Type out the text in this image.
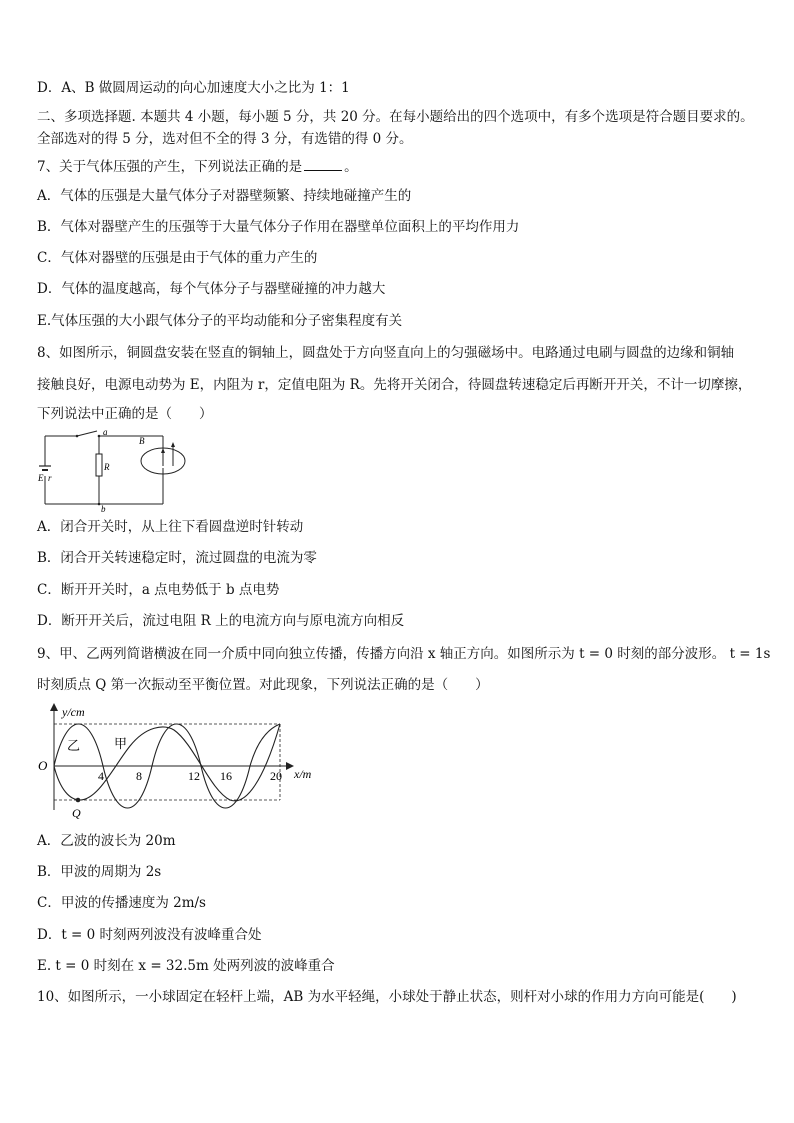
D．A、B 做圆周运动的向心加速度大小之比为 1：1
二、多项选择题. 本题共 4 小题，每小题 5 分，共 20 分。在每小题给出的四个选项中，有多个选项是符合题目要求的。
全部选对的得 5 分，选对但不全的得 3 分，有选错的得 0 分。
7、关于气体压强的产生，下列说法正确的是	。
A．气体的压强是大量气体分子对器壁频繁、持续地碰撞产生的
B．气体对器壁产生的压强等于大量气体分子作用在器壁单位面积上的平均作用力
C．气体对器壁的压强是由于气体的重力产生的
D．气体的温度越高，每个气体分子与器壁碰撞的冲力越大
E.气体压强的大小跟气体分子的平均动能和分子密集程度有关
8、如图所示，铜圆盘安装在竖直的铜轴上，圆盘处于方向竖直向上的匀强磁场中。电路通过电刷与圆盘的边缘和铜轴
接触良好，电源电动势为 E，内阻为 r，定值电阻为 R。先将开关闭合，待圆盘转速稳定后再断开开关，不计一切摩擦，
下列说法中正确的是（　　）
a
R
B
b
E r
A．闭合开关时，从上往下看圆盘逆时针转动
B．闭合开关转速稳定时，流过圆盘的电流为零
C．断开开关时，a 点电势低于 b 点电势
D．断开开关后，流过电阻 R 上的电流方向与原电流方向相反
9、甲、乙两列简谐横波在同一介质中同向独立传播，传播方向沿 x 轴正方向。如图所示为 t = 0 时刻的部分波形。 t = 1s
时刻质点 Q 第一次振动至平衡位置。对此现象，下列说法正确的是（　　）
y/cm
x/m
O
乙	甲
4	8	12 16	20
Q
A．乙波的波长为 20m
B．甲波的周期为 2s
C．甲波的传播速度为 2m/s
D．t = 0 时刻两列波没有波峰重合处
E. t = 0 时刻在 x = 32.5m 处两列波的波峰重合
10、如图所示，一小球固定在轻杆上端，AB 为水平轻绳，小球处于静止状态，则杆对小球的作用力方向可能是(　　)
